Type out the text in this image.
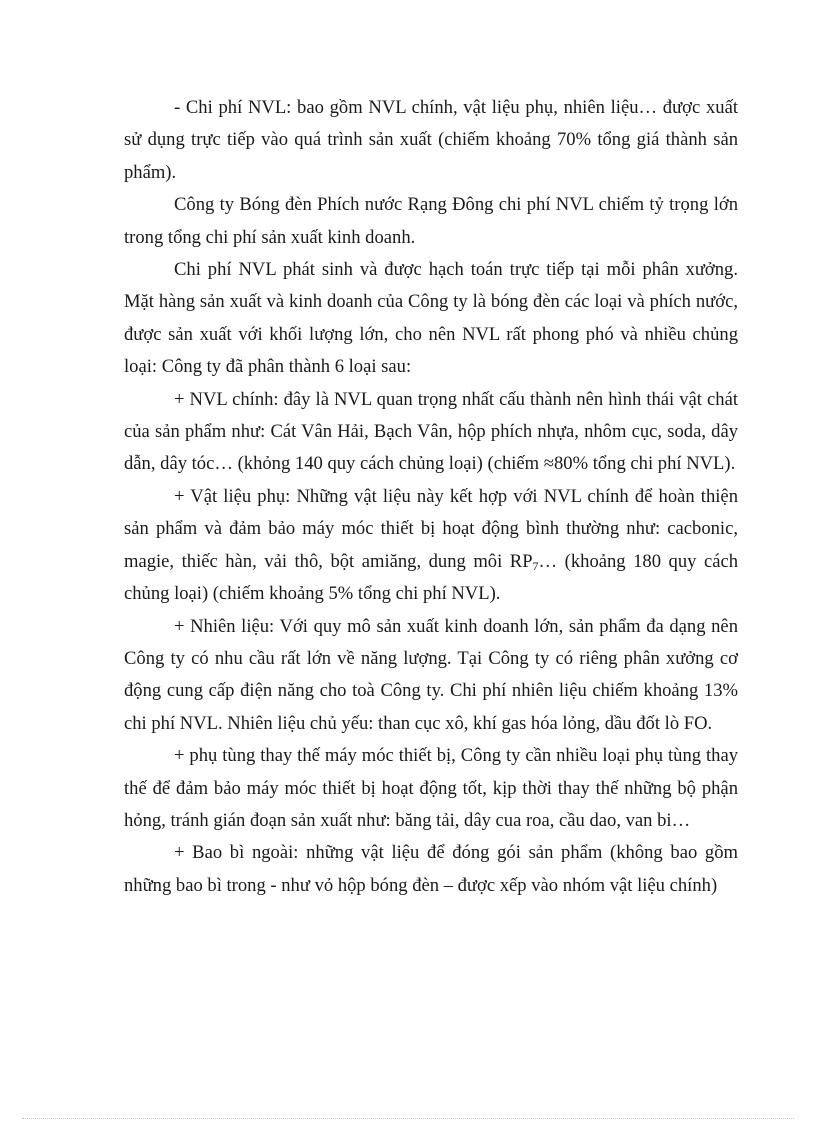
- Chi phí NVL: bao gồm NVL chính, vật liệu phụ, nhiên liệu… được xuất sử dụng trực tiếp vào quá trình sản xuất (chiếm khoảng 70% tổng giá thành sản phẩm).

Công ty Bóng đèn Phích nước Rạng Đông chi phí NVL chiếm tỷ trọng lớn trong tổng chi phí sản xuất kinh doanh.

Chi phí NVL phát sinh và được hạch toán trực tiếp tại mỗi phân xưởng. Mặt hàng sản xuất và kinh doanh của Công ty là bóng đèn các loại và phích nước, được sản xuất với khối lượng lớn, cho nên NVL rất phong phó và nhiều chủng loại: Công ty đã phân thành 6 loại sau:

+ NVL chính: đây là NVL quan trọng nhất cấu thành nên hình thái vật chát của sản phẩm như: Cát Vân Hải, Bạch Vân, hộp phích nhựa, nhôm cục, soda, dây dẫn, dây tóc… (khỏng 140 quy cách chủng loại) (chiếm ≈80% tổng chi phí NVL).

+ Vật liệu phụ: Những vật liệu này kết hợp với NVL chính để hoàn thiện sản phẩm và đảm bảo máy móc thiết bị hoạt động bình thường như: cacbonic, magie, thiếc hàn, vải thô, bột amiăng, dung môi $RP_7\dots$ (khoảng 180 quy cách chủng loại) (chiếm khoảng 5% tổng chi phí NVL).

+ Nhiên liệu: Với quy mô sản xuất kinh doanh lớn, sản phẩm đa dạng nên Công ty có nhu cầu rất lớn về năng lượng. Tại Công ty có riêng phân xưởng cơ động cung cấp điện năng cho toà Công ty. Chi phí nhiên liệu chiếm khoảng 13% chi phí NVL. Nhiên liệu chủ yếu: than cục xô, khí gas hóa lỏng, dầu đốt lò FO.

+ phụ tùng thay thế máy móc thiết bị, Công ty cần nhiều loại phụ tùng thay thế để đảm bảo máy móc thiết bị hoạt động tốt, kịp thời thay thế những bộ phận hỏng, tránh gián đoạn sản xuất như: băng tải, dây cua roa, cầu dao, van bi…

+ Bao bì ngoài: những vật liệu để đóng gói sản phẩm (không bao gồm những bao bì trong - như vỏ hộp bóng đèn – được xếp vào nhóm vật liệu chính)
